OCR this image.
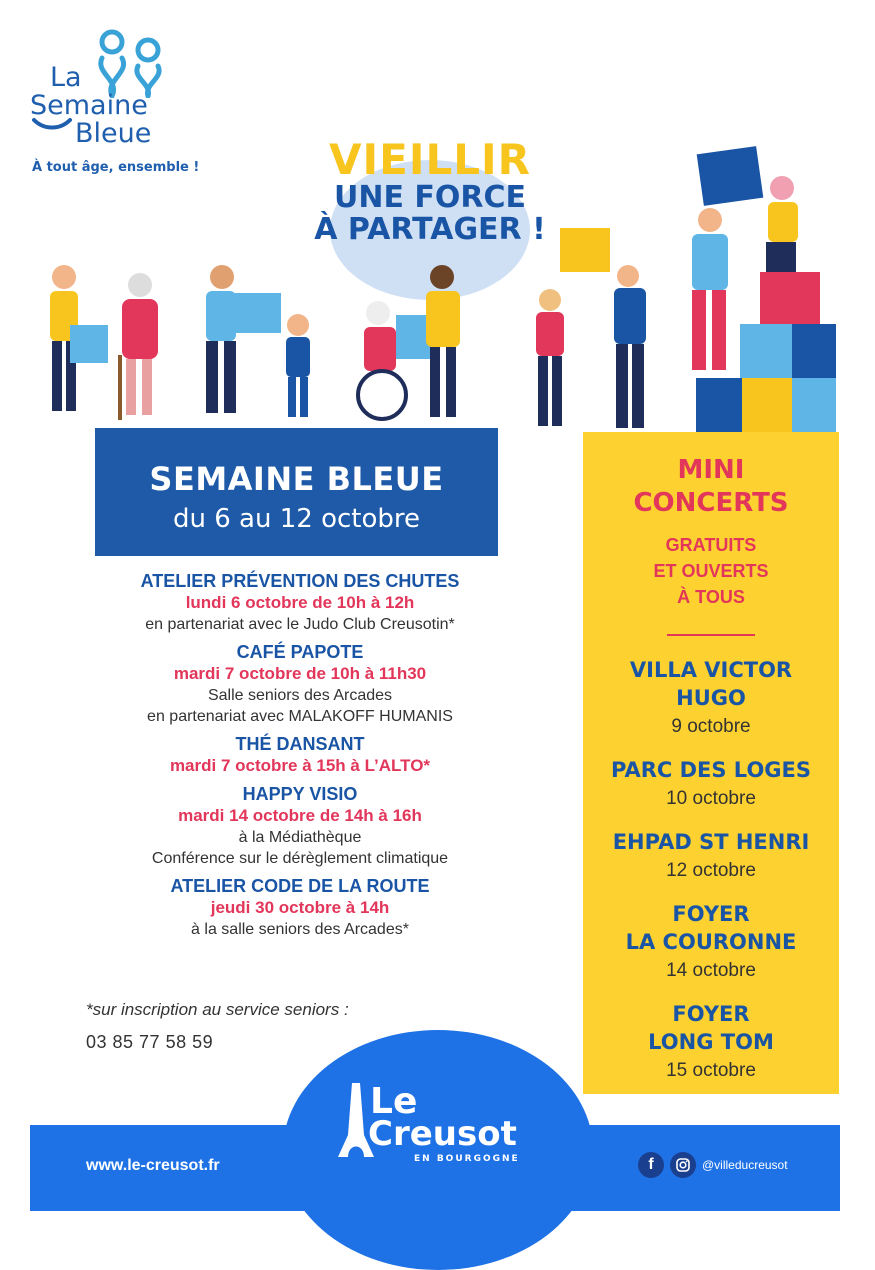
La
Semaine
Bleue
À tout âge, ensemble !	VIEILLIR
UNE FORCE
À PARTAGER !
SEMAINE BLEUE
du 6 au 12 octobre
ATELIER PRÉVENTION DES CHUTES
lundi 6 octobre de 10h à 12h
en partenariat avec le Judo Club Creusotin*
CAFÉ PAPOTE
mardi 7 octobre de 10h à 11h30
Salle seniors des Arcades
en partenariat avec MALAKOFF HUMANIS
THÉ DANSANT
mardi 7 octobre à 15h à L’ALTO*
HAPPY VISIO
mardi 14 octobre de 14h à 16h
à la Médiathèque
Conférence sur le dérèglement climatique
ATELIER CODE DE LA ROUTE
jeudi 30 octobre à 14h
à la salle seniors des Arcades*
*sur inscription au service seniors :
03 85 77 58 59
MINI
CONCERTS
GRATUITS
ET OUVERTS
À TOUS
VILLA VICTOR
HUGO
9 octobre
PARC DES LOGES
10 octobre
EHPAD ST HENRI
12 octobre
FOYER
LA COURONNE
14 octobre
FOYER
LONG TOM
15 octobre
Le
Creusot
EN BOURGOGNE
www.le-creusot.fr	f	@villeducreusot
